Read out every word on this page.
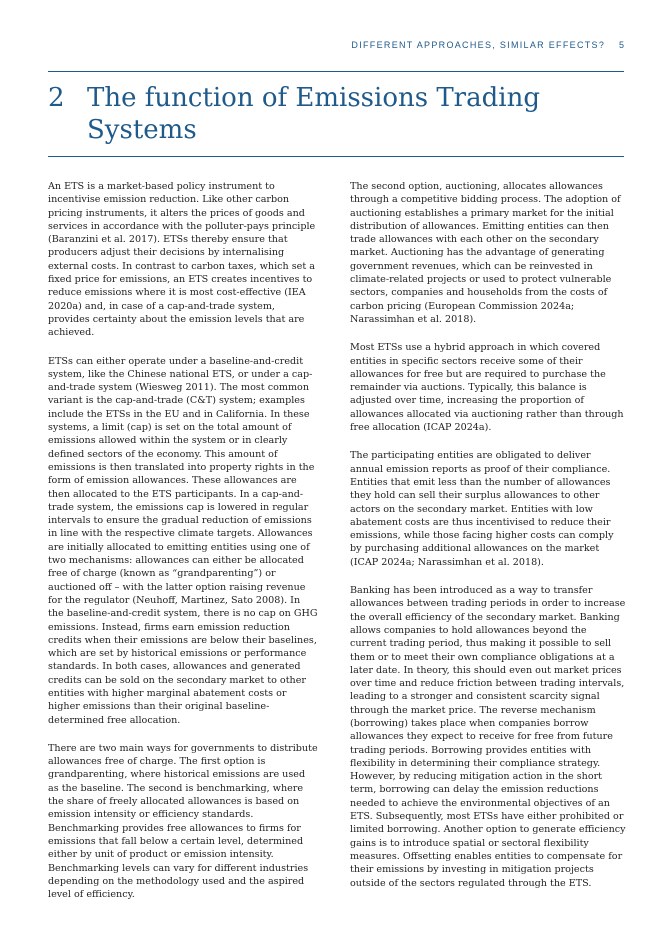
DIFFERENT APPROACHES, SIMILAR EFFECTS? 5
2 The function of Emissions Trading Systems

An ETS is a market-based policy instrument to incentivise emission reduction. Like other carbon pricing instruments, it alters the prices of goods and services in accordance with the polluter-pays principle (Baranzini et al. 2017). ETSs thereby ensure that producers adjust their decisions by internalising external costs. In contrast to carbon taxes, which set a fixed price for emissions, an ETS creates incentives to reduce emissions where it is most cost-effective (IEA 2020a) and, in case of a cap-and-trade system, provides certainty about the emission levels that are achieved.

ETSs can either operate under a baseline-and-credit system, like the Chinese national ETS, or under a cap-and-trade system (Wiesweg 2011). The most common variant is the cap-and-trade (C&T) system; examples include the ETSs in the EU and in California. In these systems, a limit (cap) is set on the total amount of emissions allowed within the system or in clearly defined sectors of the economy. This amount of emissions is then translated into property rights in the form of emission allowances. These allowances are then allocated to the ETS participants. In a cap-and-trade system, the emissions cap is lowered in regular intervals to ensure the gradual reduction of emissions in line with the respective climate targets. Allowances are initially allocated to emitting entities using one of two mechanisms: allowances can either be allocated free of charge (known as “grandparenting”) or auctioned off – with the latter option raising revenue for the regulator (Neuhoff, Martinez, Sato 2008). In the baseline-and-credit system, there is no cap on GHG emissions. Instead, firms earn emission reduction credits when their emissions are below their baselines, which are set by historical emissions or performance standards. In both cases, allowances and generated credits can be sold on the secondary market to other entities with higher marginal abatement costs or higher emissions than their original baseline-determined free allocation.

There are two main ways for governments to distribute allowances free of charge. The first option is grandparenting, where historical emissions are used as the baseline. The second is benchmarking, where the share of freely allocated allowances is based on emission intensity or efficiency standards. Benchmarking provides free allowances to firms for emissions that fall below a certain level, determined either by unit of product or emission intensity. Benchmarking levels can vary for different industries depending on the methodology used and the aspired level of efficiency.

The second option, auctioning, allocates allowances through a competitive bidding process. The adoption of auctioning establishes a primary market for the initial distribution of allowances. Emitting entities can then trade allowances with each other on the secondary market. Auctioning has the advantage of generating government revenues, which can be reinvested in climate-related projects or used to protect vulnerable sectors, companies and households from the costs of carbon pricing (European Commission 2024a; Narassimhan et al. 2018).

Most ETSs use a hybrid approach in which covered entities in specific sectors receive some of their allowances for free but are required to purchase the remainder via auctions. Typically, this balance is adjusted over time, increasing the proportion of allowances allocated via auctioning rather than through free allocation (ICAP 2024a).

The participating entities are obligated to deliver annual emission reports as proof of their compliance. Entities that emit less than the number of allowances they hold can sell their surplus allowances to other actors on the secondary market. Entities with low abatement costs are thus incentivised to reduce their emissions, while those facing higher costs can comply by purchasing additional allowances on the market (ICAP 2024a; Narassimhan et al. 2018).

Banking has been introduced as a way to transfer allowances between trading periods in order to increase the overall efficiency of the secondary market. Banking allows companies to hold allowances beyond the current trading period, thus making it possible to sell them or to meet their own compliance obligations at a later date. In theory, this should even out market prices over time and reduce friction between trading intervals, leading to a stronger and consistent scarcity signal through the market price. The reverse mechanism (borrowing) takes place when companies borrow allowances they expect to receive for free from future trading periods. Borrowing provides entities with flexibility in determining their compliance strategy. However, by reducing mitigation action in the short term, borrowing can delay the emission reductions needed to achieve the environmental objectives of an ETS. Subsequently, most ETSs have either prohibited or limited borrowing. Another option to generate efficiency gains is to introduce spatial or sectoral flexibility measures. Offsetting enables entities to compensate for their emissions by investing in mitigation projects outside of the sectors regulated through the ETS.
